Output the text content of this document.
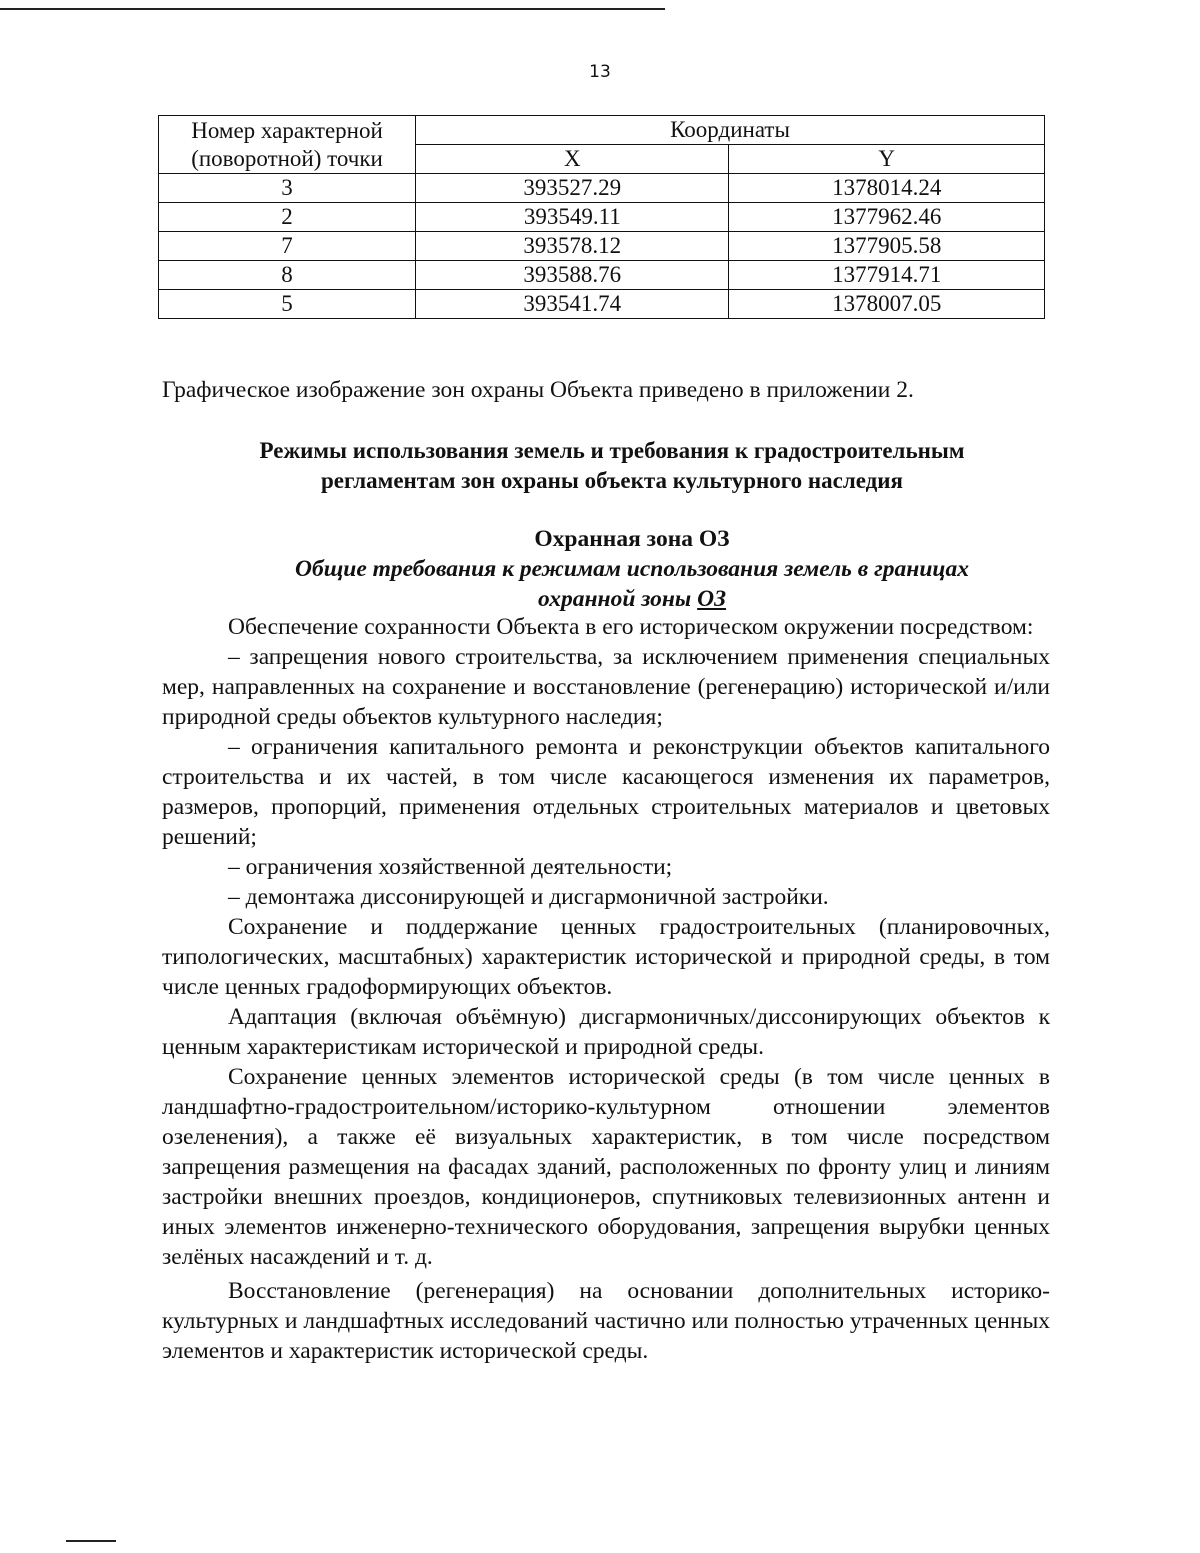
13
Номер характерной
(поворотной) точки	Координаты	
	X	Y
3	393527.29	1378014.24
2	393549.11	1377962.46
7	393578.12	1377905.58
8	393588.76	1377914.71
5	393541.74	1378007.05

Графическое изображение зон охраны Объекта приведено в приложении 2.

Режимы использования земель и требования к градостроительным
регламентам зон охраны объекта культурного наследия
Охранная зона ОЗ
Общие требования к режимам использования земель в границах
охранной зоны ОЗ

Обеспечение сохранности Объекта в его историческом окружении посредством:

– запрещения нового строительства, за исключением применения специальных мер, направленных на сохранение и восстановление (регенерацию) исторической и/или природной среды объектов культурного наследия;

– ограничения капитального ремонта и реконструкции объектов капитального строительства и их частей, в том числе касающегося изменения их параметров, размеров, пропорций, применения отдельных строительных материалов и цветовых решений;

– ограничения хозяйственной деятельности;

– демонтажа диссонирующей и дисгармоничной застройки.

Сохранение и поддержание ценных градостроительных (планировочных, типологических, масштабных) характеристик исторической и природной среды, в том числе ценных градоформирующих объектов.

Адаптация (включая объёмную) дисгармоничных/диссонирующих объектов к ценным характеристикам исторической и природной среды.

Сохранение ценных элементов исторической среды (в том числе ценных в ландшафтно-градостроительном/историко-культурном отношении элементов озеленения), а также её визуальных характеристик, в том числе посредством запрещения размещения на фасадах зданий, расположенных по фронту улиц и линиям застройки внешних проездов, кондиционеров, спутниковых телевизионных антенн и иных элементов инженерно-технического оборудования, запрещения вырубки ценных зелёных насаждений и т. д.

Восстановление (регенерация) на основании дополнительных историко-культурных и ландшафтных исследований частично или полностью утраченных ценных элементов и характеристик исторической среды.
